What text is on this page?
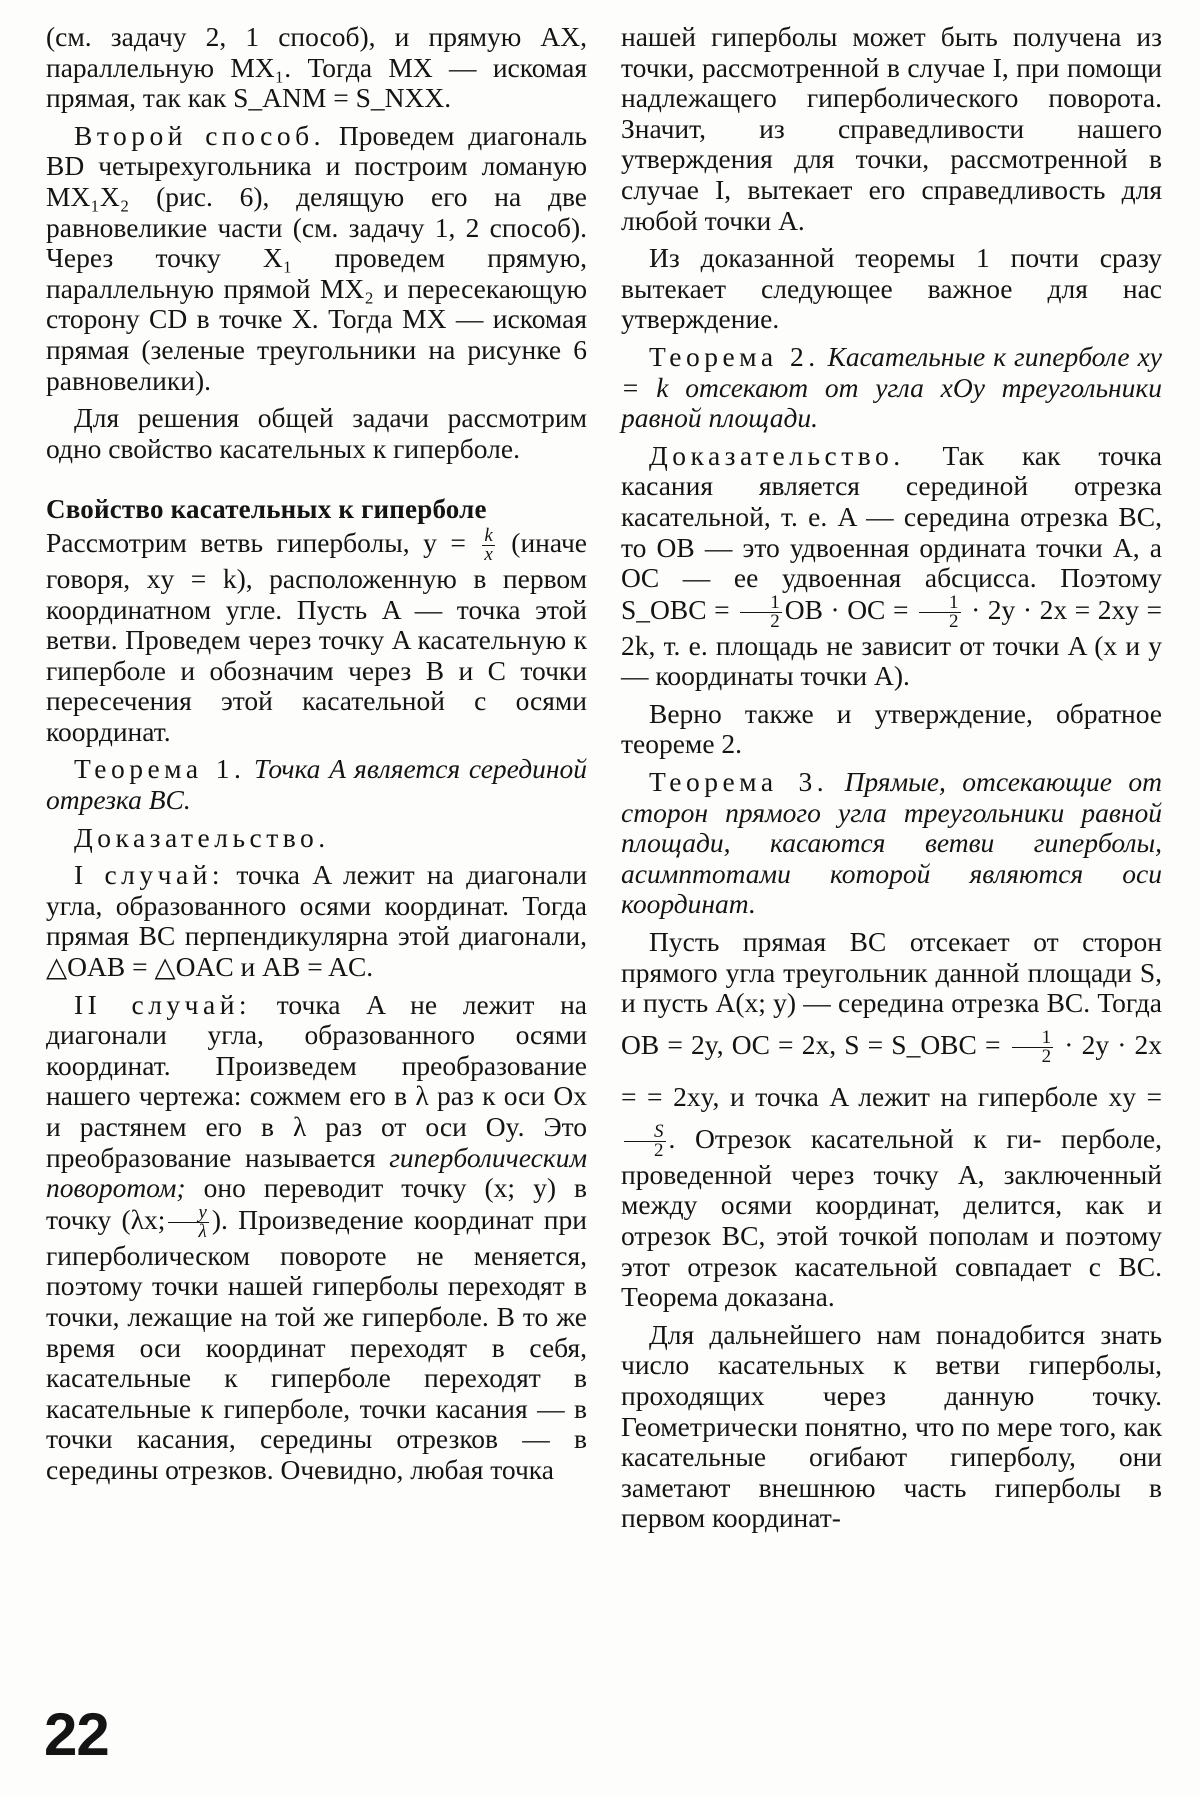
(см. задачу 2, 1 способ), и прямую AX, параллельную MX₁. Тогда MX — искомая прямая, так как S_ANM = S_NXX.

Второй способ. Проведем диагональ BD четырехугольника и построим ломаную MX₁X₂ (рис. 6), делящую его на две равновеликие части (см. задачу 1, 2 способ). Через точку X₁ проведем прямую, параллельную прямой MX₂ и пересекающую сторону CD в точке X. Тогда MX — искомая прямая (зеленые треугольники на рисунке 6 равновелики).

Для решения общей задачи рассмотрим одно свойство касательных к гиперболе.

Свойство касательных к гиперболе

Рассмотрим ветвь гиперболы, $y = \frac{k}{x}$ (иначе говоря, xy = k), расположенную в первом координатном угле. Пусть A — точка этой ветви. Проведем через точку A касательную к гиперболе и обозначим через B и C точки пересечения этой касательной с осями координат.

Теорема 1. Точка A является серединой отрезка BC.

Доказательство.

I случай: точка A лежит на диагонали угла, образованного осями координат. Тогда прямая BC перпендикулярна этой диагонали, △OAB = △OAC и AB = AC.

II случай: точка A не лежит на диагонали угла, образованного осями координат. Произведем преобразование нашего чертежа: сожмем его в λ раз к оси Ox и растянем его в λ раз от оси Oy. Это преобразование называется гиперболическим поворотом; оно переводит точку (x; y) в точку (λx; $\frac{y}{\lambda}$ ). Произведение координат при гиперболическом повороте не меняется, поэтому точки нашей гиперболы переходят в точки, лежащие на той же гиперболе. В то же время оси координат переходят в себя, касательные к гиперболе переходят в касательные к гиперболе, точки касания — в точки касания, середины отрезков — в середины отрезков. Очевидно, любая точка

нашей гиперболы может быть получена из точки, рассмотренной в случае I, при помощи надлежащего гиперболического поворота. Значит, из справедливости нашего утверждения для точки, рассмотренной в случае I, вытекает его справедливость для любой точки A.

Из доказанной теоремы 1 почти сразу вытекает следующее важное для нас утверждение.

Теорема 2. Касательные к гиперболе xy = k отсекают от угла xOy треугольники равной площади.

Доказательство. Так как точка касания является серединой отрезка касательной, т. е. A — середина отрезка BC, то OB — это удвоенная ордината точки A, а OC — ее удвоенная абсцисса. Поэтому S_OBC = $\frac{1}{2}$ OB · OC = $\frac{1}{2} \cdot 2y \cdot 2x = 2xy = 2k$, т. е. площадь не зависит от точки A (x и y — координаты точки A).

Верно также и утверждение, обратное теореме 2.

Теорема 3. Прямые, отсекающие от сторон прямого угла треугольники равной площади, касаются ветви гиперболы, асимптотами которой являются оси координат.

Пусть прямая BC отсекает от сторон прямого угла треугольник данной площади S, и пусть A(x; y) — середина отрезка BC. Тогда OB = 2y, OC = 2x, S = S_OBC = $\frac{1}{2} \cdot 2y \cdot 2x$ = = 2xy, и точка A лежит на гиперболе xy =
$\frac{S}{2}$ . Отрезок касательной к ги- перболе, проведенной через точку A, заключенный между осями координат, делится, как и отрезок BC, этой точкой пополам и поэтому этот отрезок касательной совпадает с BC. Теорема доказана.

Для дальнейшего нам понадобится знать число касательных к ветви гиперболы, проходящих через данную точку. Геометрически понятно, что по мере того, как касательные огибают гиперболу, они заметают внешнюю часть гиперболы в первом координат-

22
